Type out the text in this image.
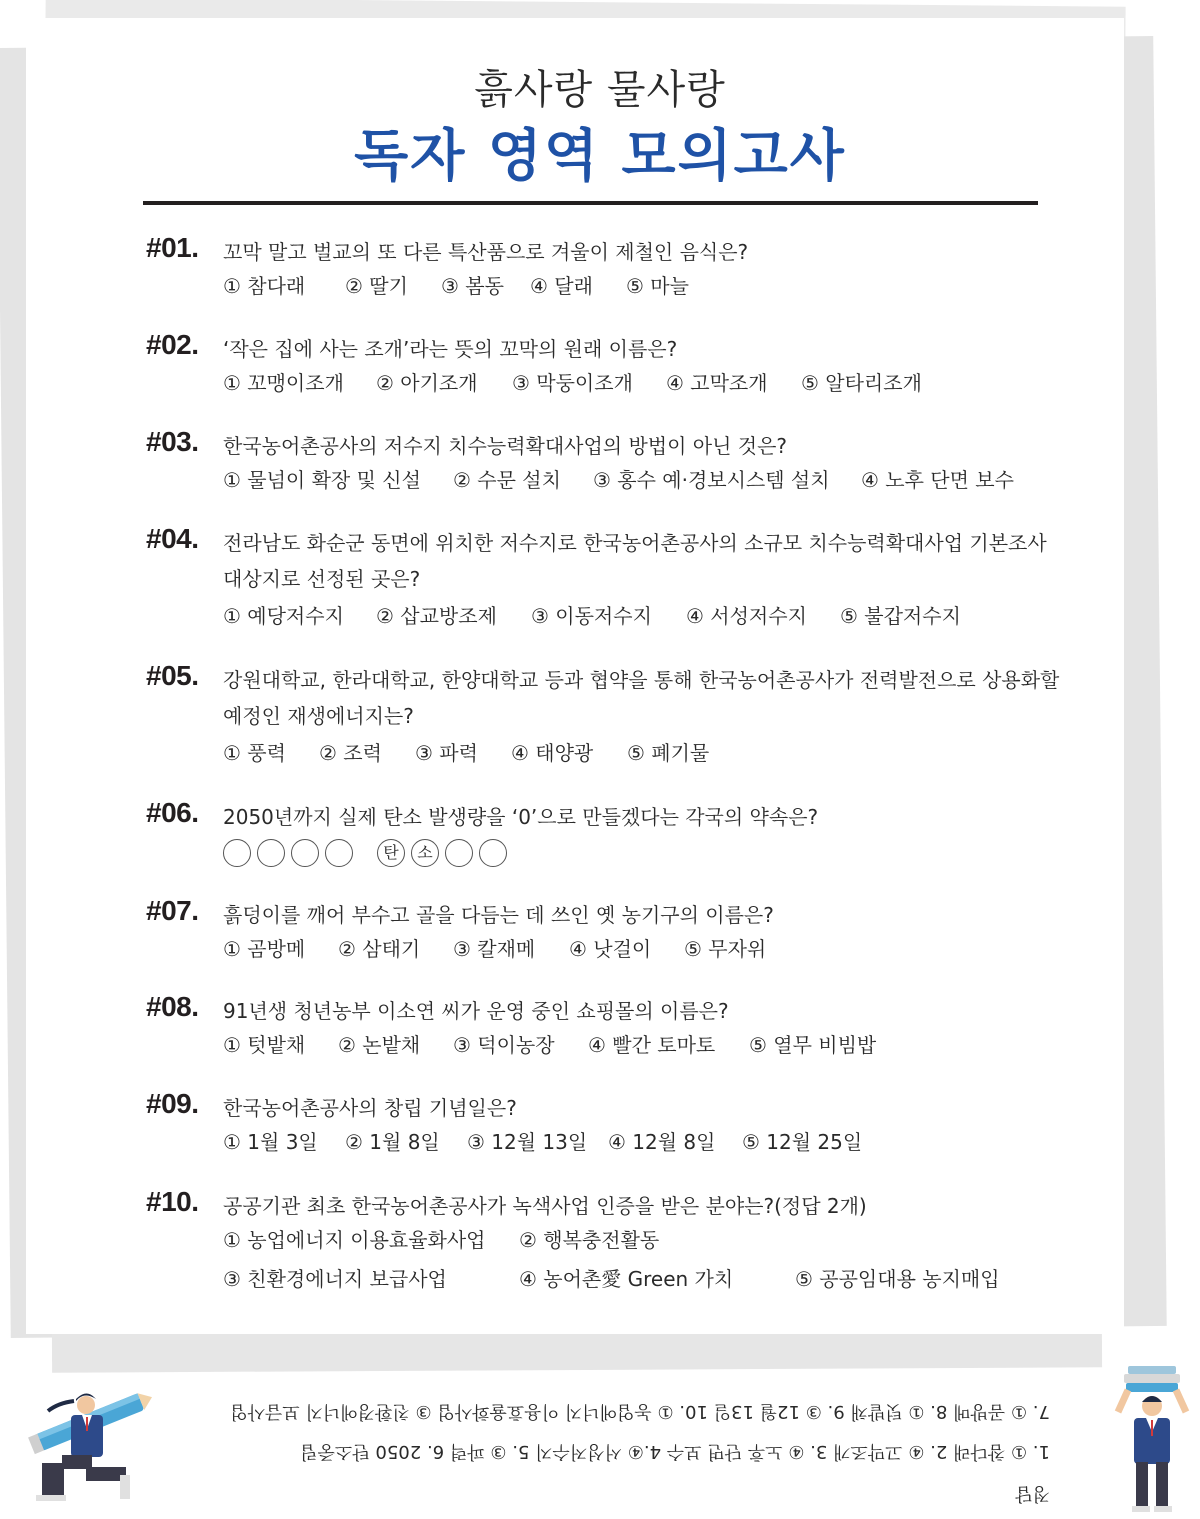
흙사랑 물사랑
독자 영역 모의고사
#01. 꼬막 말고 벌교의 또 다른 특산품으로 겨울이 제철인 음식은?
① 참다래 ② 딸기 ③ 봄동 ④ 달래 ⑤ 마늘
#02. ‘작은 집에 사는 조개’라는 뜻의 꼬막의 원래 이름은?
① 꼬맹이조개 ② 아기조개 ③ 막둥이조개 ④ 고막조개 ⑤ 알타리조개
#03. 한국농어촌공사의 저수지 치수능력확대사업의 방법이 아닌 것은?
① 물넘이 확장 및 신설 ② 수문 설치 ③ 홍수 예·경보시스템 설치 ④ 노후 단면 보수
#04. 전라남도 화순군 동면에 위치한 저수지로 한국농어촌공사의 소규모 치수능력확대사업 기본조사 대상지로 선정된 곳은?
① 예당저수지 ② 삽교방조제 ③ 이동저수지 ④ 서성저수지 ⑤ 불갑저수지
#05. 강원대학교, 한라대학교, 한양대학교 등과 협약을 통해 한국농어촌공사가 전력발전으로 상용화할 예정인 재생에너지는?
① 풍력 ② 조력 ③ 파력 ④ 태양광 ⑤ 폐기물
#06. 2050년까지 실제 탄소 발생량을 ‘0’으로 만들겠다는 각국의 약속은?
탄 소
#07. 흙덩이를 깨어 부수고 골을 다듬는 데 쓰인 옛 농기구의 이름은?
① 곰방메 ② 삼태기 ③ 칼재메 ④ 낫걸이 ⑤ 무자위
#08. 91년생 청년농부 이소연 씨가 운영 중인 쇼핑몰의 이름은?
① 텃밭채 ② 논밭채 ③ 덕이농장 ④ 빨간 토마토 ⑤ 열무 비빔밥
#09. 한국농어촌공사의 창립 기념일은?
① 1월 3일 ② 1월 8일 ③ 12월 13일 ④ 12월 8일 ⑤ 12월 25일
#10. 공공기관 최초 한국농어촌공사가 녹색사업 인증을 받은 분야는?(정답 2개)
① 농업에너지 이용효율화사업 ② 행복충전활동
③ 친환경에너지 보급사업	④ 농어촌愛 Green 가치	⑤ 공공임대용 농지매입
정답
1. ① 참다래 2. ④ 고막조개 3. ④ 노후 단면 보수 4.④ 서성저수지 5. ③ 파력 6. 2050 탄소중립
7. ① 곰방메 8. ① 텃밭채 9. ③ 12월 13일 10. ① 농업에너지 이용효율화사업 ③ 친환경에너지 보급사업
